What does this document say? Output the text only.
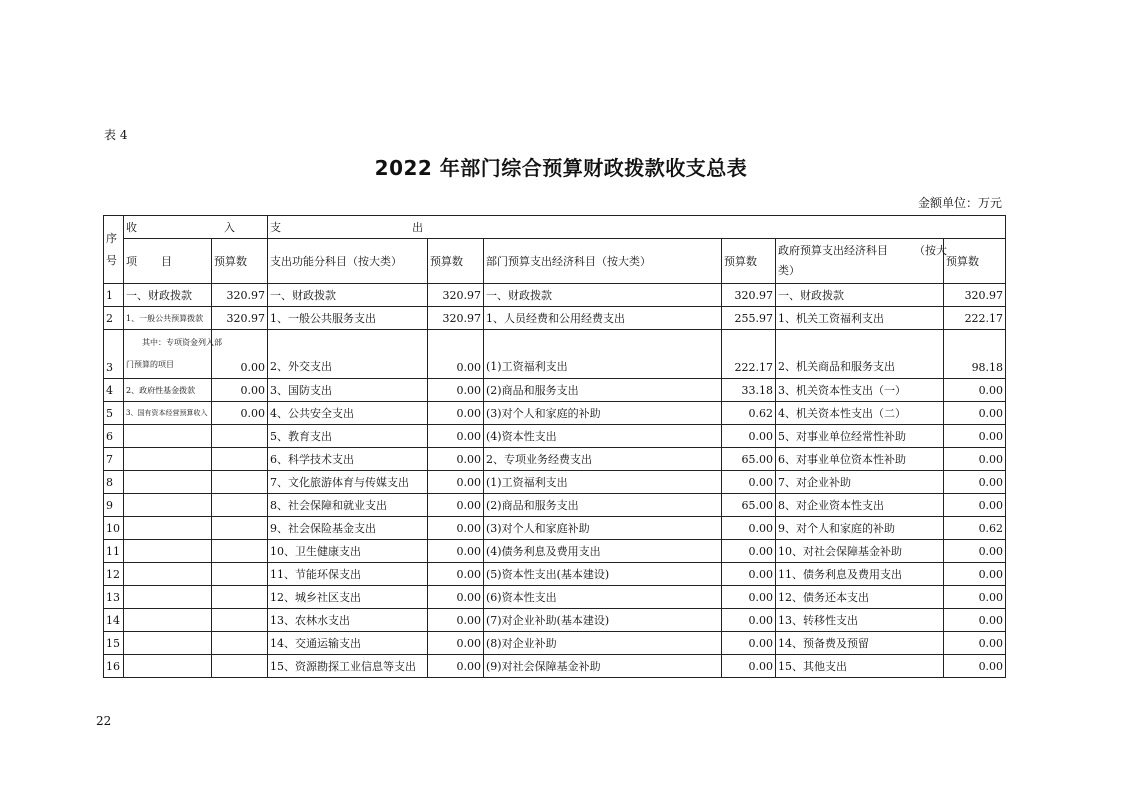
表 4
2022 年部门综合预算财政拨款收支总表
金额单位：万元
序号	收 入		支 出					

	项 目	预算数	支出功能分科目（按大类）	预算数	部门预算支出经济科目（按大类）	预算数	政府预算支出经济科目 （按大
类）	预算数
1	一、财政拨款	320.97	一、财政拨款	320.97	一、财政拨款	320.97	一、财政拨款	320.97
2	1、一般公共预算拨款	320.97	1、一般公共服务支出	320.97	1、人员经费和公用经费支出	255.97	1、机关工资福利支出	222.17
3	其中：专项资金列入部
门预算的项目	0.00	2、外交支出	0.00	(1)工资福利支出	222.17	2、机关商品和服务支出	98.18
4	2、政府性基金拨款	0.00	3、国防支出	0.00	(2)商品和服务支出	33.18	3、机关资本性支出（一）	0.00
5	3、国有资本经营预算收入	0.00	4、公共安全支出	0.00	(3)对个人和家庭的补助	0.62	4、机关资本性支出（二）	0.00
6			5、教育支出	0.00	(4)资本性支出	0.00	5、对事业单位经常性补助	0.00
7			6、科学技术支出	0.00	2、专项业务经费支出	65.00	6、对事业单位资本性补助	0.00
8			7、文化旅游体育与传媒支出	0.00	(1)工资福利支出	0.00	7、对企业补助	0.00
9			8、社会保障和就业支出	0.00	(2)商品和服务支出	65.00	8、对企业资本性支出	0.00
10			9、社会保险基金支出	0.00	(3)对个人和家庭补助	0.00	9、对个人和家庭的补助	0.62
11			10、卫生健康支出	0.00	(4)债务利息及费用支出	0.00	10、对社会保障基金补助	0.00
12			11、节能环保支出	0.00	(5)资本性支出(基本建设)	0.00	11、债务利息及费用支出	0.00
13			12、城乡社区支出	0.00	(6)资本性支出	0.00	12、债务还本支出	0.00
14			13、农林水支出	0.00	(7)对企业补助(基本建设)	0.00	13、转移性支出	0.00
15			14、交通运输支出	0.00	(8)对企业补助	0.00	14、预备费及预留	0.00
16			15、资源勘探工业信息等支出	0.00	(9)对社会保障基金补助	0.00	15、其他支出	0.00
22
